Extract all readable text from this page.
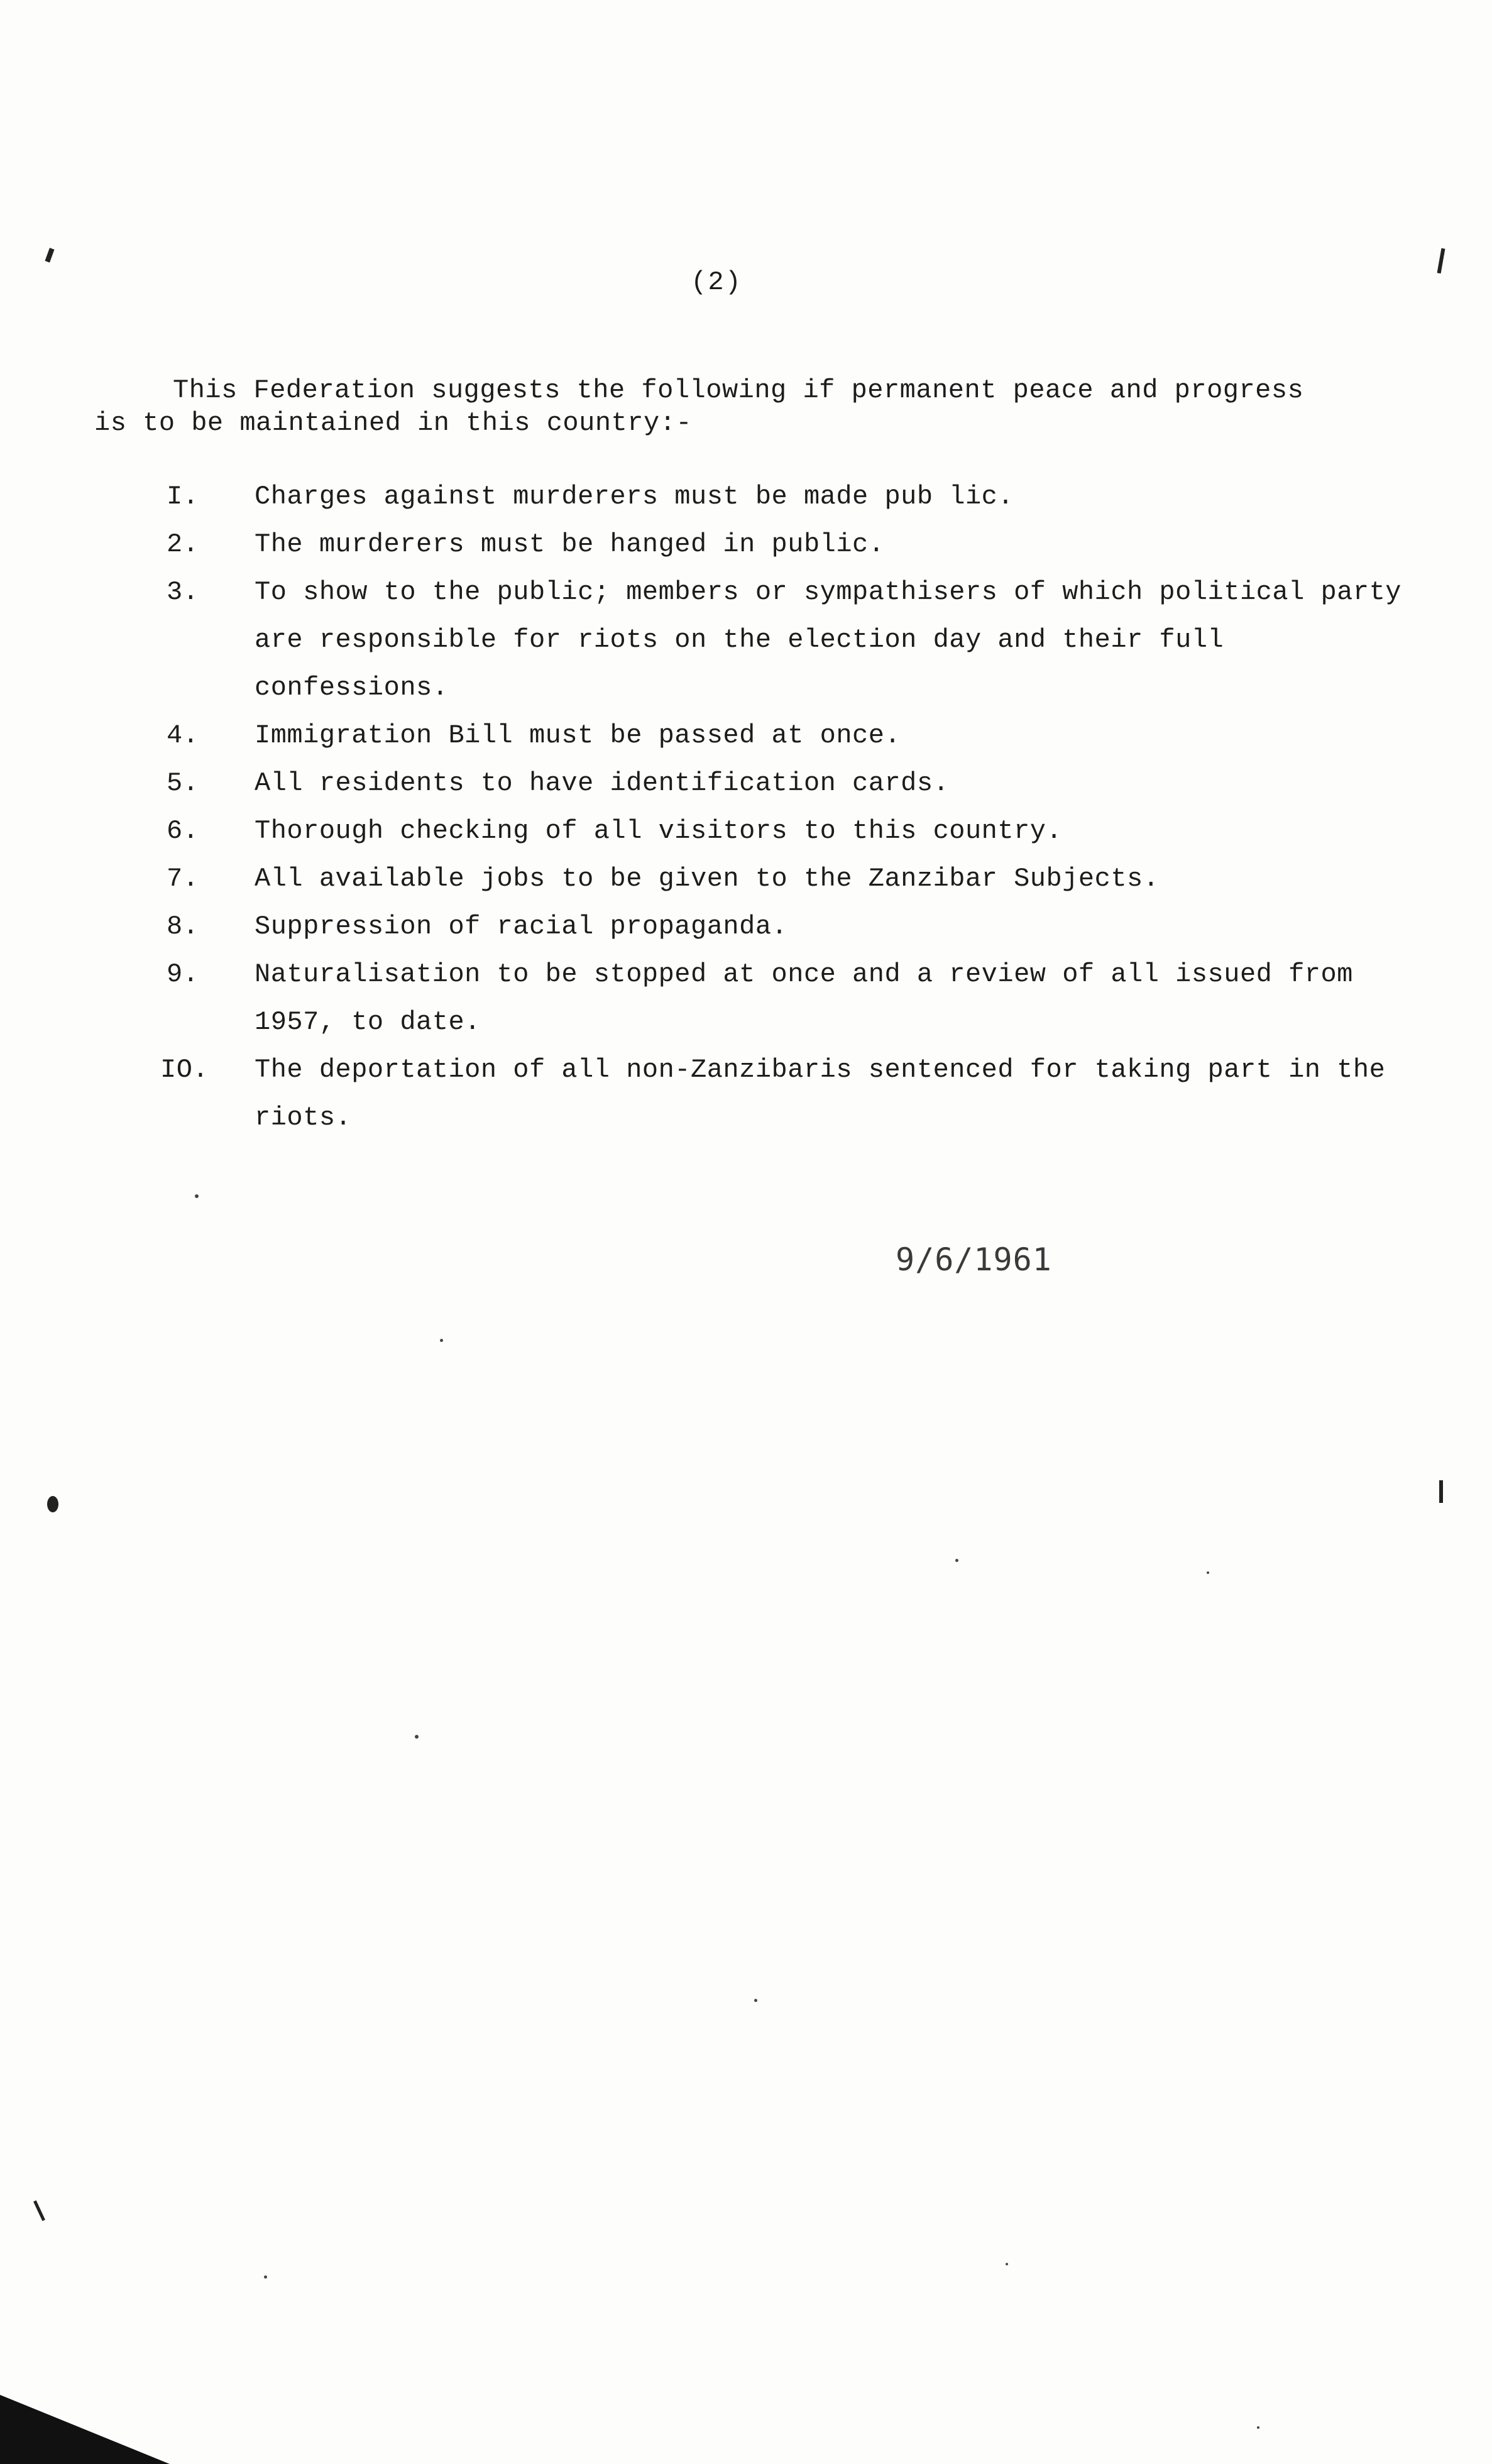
(2)
This Federation suggests the following if permanent peace and progress
is to be maintained in this country:-
I.	Charges against murderers must be made pub lic.
2.	The murderers must be hanged in public.
3.	To show to the public; members or sympathisers of which political party are responsible for riots on the election day and their full confessions.
4.	Immigration Bill must be passed at once.
5.	All residents to have identification cards.
6.	Thorough checking of all visitors to this country.
7.	All available jobs to be given to the Zanzibar Subjects.
8.	Suppression of racial propaganda.
9.	Naturalisation to be stopped at once and a review of all issued from 1957, to date.
IO.	The deportation of all non-Zanzibaris sentenced for taking part in the riots.
9/6/1961
